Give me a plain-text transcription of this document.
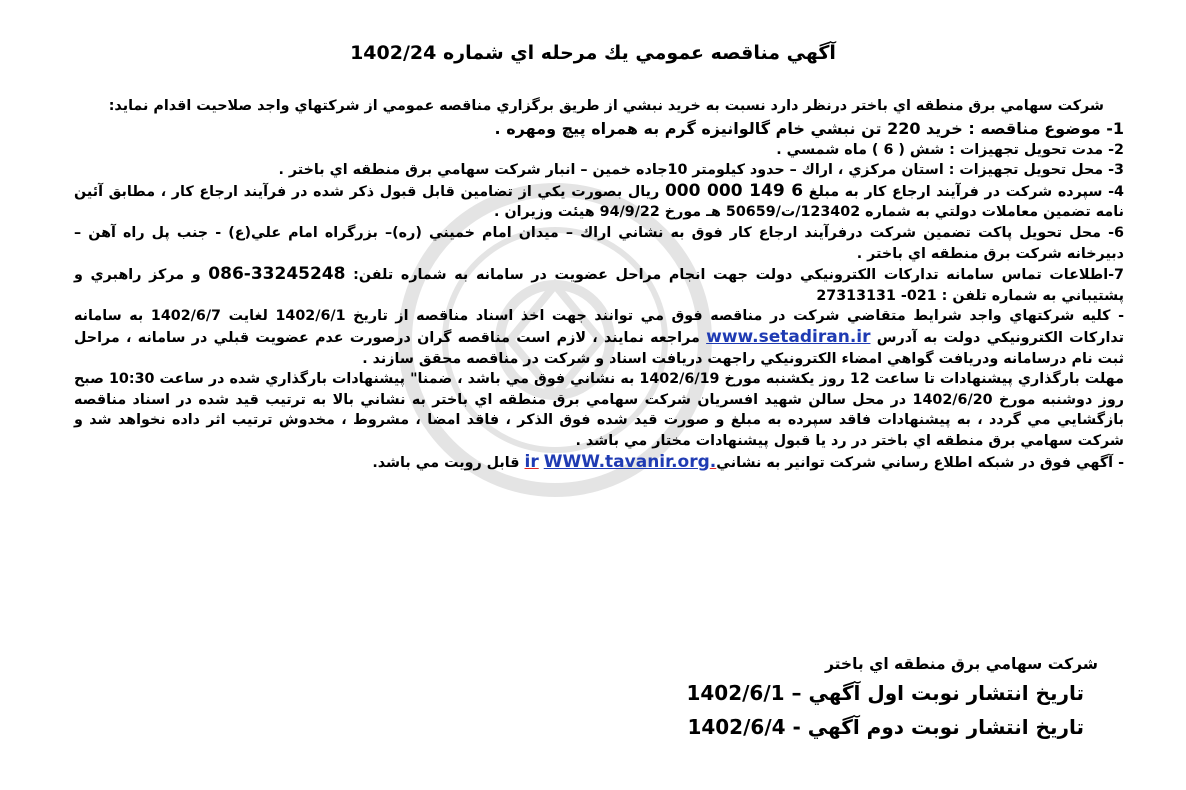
آگهي مناقصه عمومي يك مرحله اي شماره 1402/24

شركت سهامي برق منطقه اي باختر درنظر دارد نسبت به خريد نبشي از طريق برگزاري مناقصه عمومي از شركتهاي واجد صلاحيت اقدام نمايد:

1- موضوع مناقصه : خريد 220 تن نبشي خام گالوانيزه گرم به همراه پيچ ومهره .

2- مدت تحويل تجهيزات : شش ( 6 ) ماه شمسي .

3- محل تحويل تجهيزات : استان مركزي ، اراك – حدود كيلومتر 10جاده خمين – انبار شركت سهامي برق منطقه اي باختر .

4- سپرده شركت در فرآيند ارجاع كار به مبلغ 6 149 000 000 ريال بصورت يكي از تضامين قابل قبول ذكر شده در فرآيند ارجاع كار ، مطابق آئين نامه تضمين معاملات دولتي به شماره 123402/ت/50659 هـ مورخ 94/9/22 هيئت وزيران .

6- محل تحويل پاكت تضمين شركت درفرآيند ارجاع كار فوق به نشاني اراك – ميدان امام خميني (ره)– بزرگراه امام علي(ع) - جنب پل راه آهن – دبيرخانه شركت برق منطقه اي باختر .

7-اطلاعات تماس سامانه تداركات الكترونيكي دولت جهت انجام مراحل عضويت در سامانه به شماره تلفن: 086-33245248 و مركز راهبري و پشتيباني به شماره تلفن : 021- 27313131

- كليه شركتهاي واجد شرايط متقاضي شركت در مناقصه فوق مي توانند جهت اخذ اسناد مناقصه از تاريخ 1402/6/1 لغايت 1402/6/7 به سامانه تداركات الكترونيكي دولت به آدرس www.setadiran.ir مراجعه نمايند ، لازم است مناقصه گران درصورت عدم عضويت قبلي در سامانه ، مراحل ثبت نام درسامانه ودريافت گواهي امضاء الكترونيكي راجهت دريافت اسناد و شركت در مناقصه محقق سازند .

مهلت بارگذاري پيشنهادات تا ساعت 12 روز يكشنبه مورخ 1402/6/19 به نشاني فوق مي باشد ، ضمنا" پيشنهادات بارگذاري شده در ساعت 10:30 صبح روز دوشنبه مورخ 1402/6/20 در محل سالن شهيد افسريان شركت سهامي برق منطقه اي باختر به نشاني بالا به ترتيب قيد شده در اسناد مناقصه بازگشايي مي گردد ، به پيشنهادات فاقد سپرده به مبلغ و صورت قيد شده فوق الذكر ، فاقد امضا ، مشروط ، مخدوش ترتيب اثر داده نخواهد شد و شركت سهامي برق منطقه اي باختر در رد يا قبول پيشنهادات مختار مي باشد .

- آگهي فوق در شبكه اطلاع رساني شركت توانير به نشاني.ir WWW.tavanir.org قابل رويت مي باشد.

شركت سهامي برق منطقه اي باختر
تاريخ انتشار نوبت اول آگهي – 1402/6/1
تاريخ انتشار نوبت دوم آگهي - 1402/6/4
